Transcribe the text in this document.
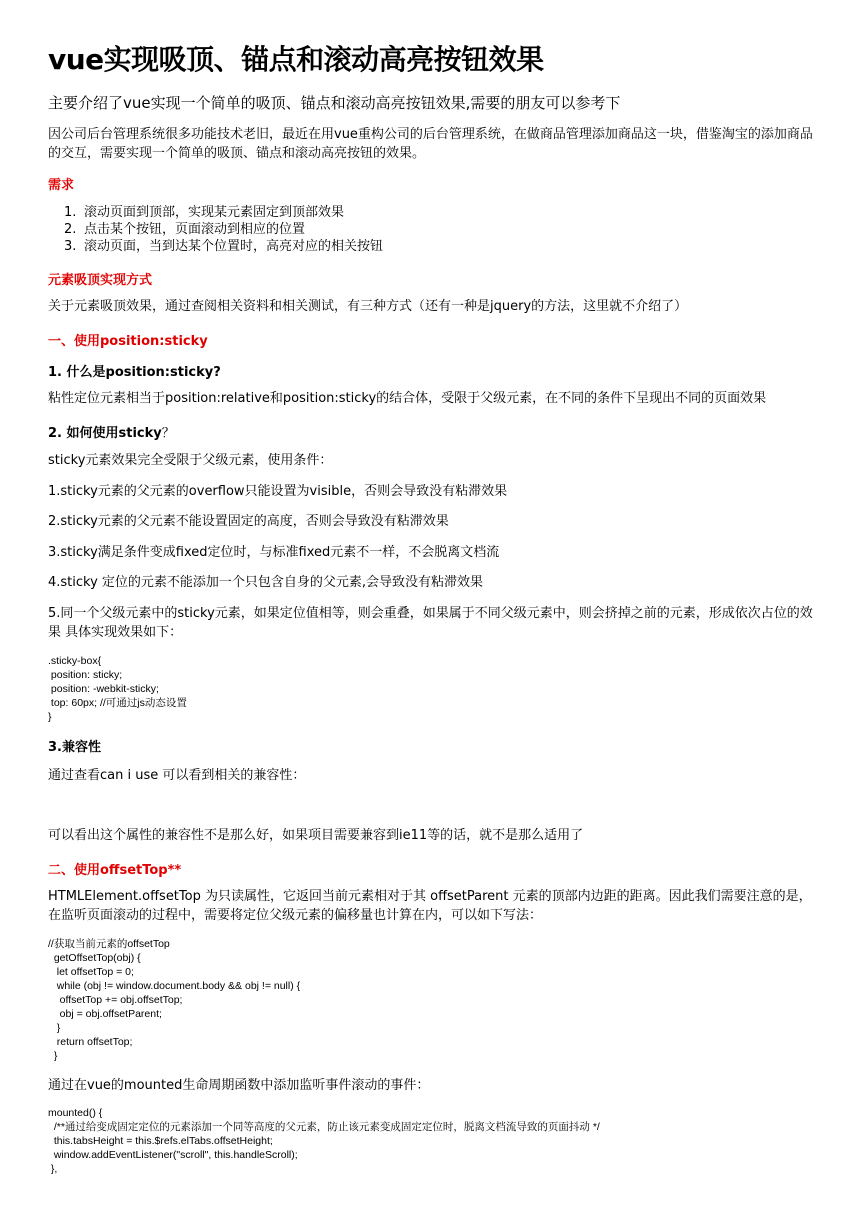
vue实现吸顶、锚点和滚动高亮按钮效果
主要介绍了vue实现一个简单的吸顶、锚点和滚动高亮按钮效果,需要的朋友可以参考下
因公司后台管理系统很多功能技术老旧，最近在用vue重构公司的后台管理系统，在做商品管理添加商品这一块，借鉴淘宝的添加商品的交互，需要实现一个简单的吸顶、锚点和滚动高亮按钮的效果。
需求
1. 滚动页面到顶部，实现某元素固定到顶部效果
2. 点击某个按钮，页面滚动到相应的位置
3. 滚动页面，当到达某个位置时，高亮对应的相关按钮
元素吸顶实现方式
关于元素吸顶效果，通过查阅相关资料和相关测试，有三种方式（还有一种是jquery的方法，这里就不介绍了）
一、使用position:sticky
1. 什么是position:sticky?
粘性定位元素相当于position:relative和position:sticky的结合体，受限于父级元素，在不同的条件下呈现出不同的页面效果
2. 如何使用sticky？
sticky元素效果完全受限于父级元素，使用条件：
1.sticky元素的父元素的overflow只能设置为visible，否则会导致没有粘滞效果
2.sticky元素的父元素不能设置固定的高度，否则会导致没有粘滞效果
3.sticky满足条件变成fixed定位时，与标准fixed元素不一样，不会脱离文档流
4.sticky 定位的元素不能添加一个只包含自身的父元素,会导致没有粘滞效果
5.同一个父级元素中的sticky元素，如果定位值相等，则会重叠，如果属于不同父级元素中，则会挤掉之前的元素，形成依次占位的效果 具体实现效果如下：
.sticky-box{
position: sticky;
position: -webkit-sticky;
top: 60px; //可通过js动态设置
}
3.兼容性
通过查看can i use 可以看到相关的兼容性：
可以看出这个属性的兼容性不是那么好，如果项目需要兼容到ie11等的话，就不是那么适用了
二、使用offsetTop**
HTMLElement.offsetTop 为只读属性，它返回当前元素相对于其 offsetParent 元素的顶部内边距的距离。因此我们需要注意的是，在监听页面滚动的过程中，需要将定位父级元素的偏移量也计算在内，可以如下写法：
//获取当前元素的offsetTop
getOffsetTop(obj) {
let offsetTop = 0;
while (obj != window.document.body && obj != null) {
offsetTop += obj.offsetTop;
obj = obj.offsetParent;
}
return offsetTop;
}
通过在vue的mounted生命周期函数中添加监听事件滚动的事件：
mounted() {
/**通过给变成固定定位的元素添加一个同等高度的父元素，防止该元素变成固定定位时，脱离文档流导致的页面抖动 */
this.tabsHeight = this.$refs.elTabs.offsetHeight;
window.addEventListener("scroll", this.handleScroll);
},
